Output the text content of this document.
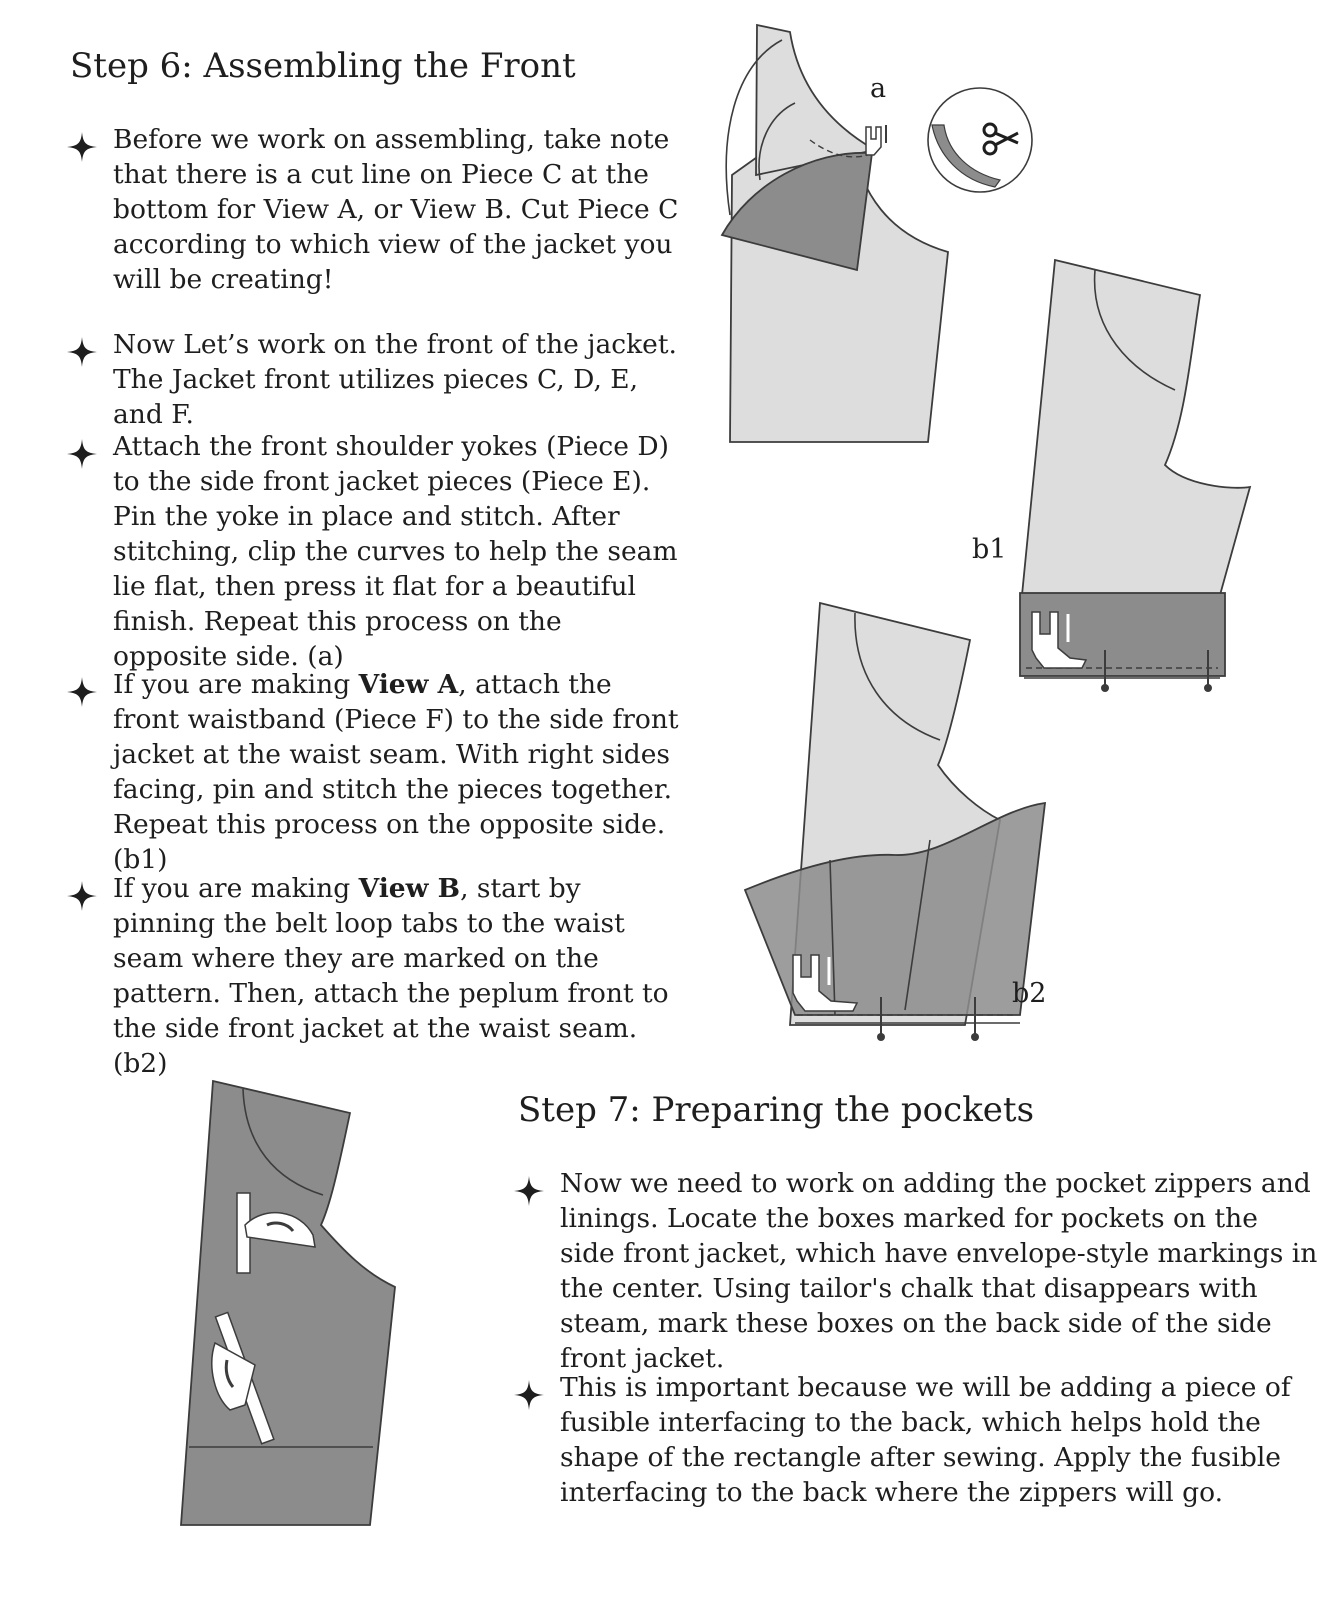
Step 6: Assembling the Front
Before we work on assembling, take note that there is a cut line on Piece C at the bottom for View A, or View B. Cut Piece C according to which view of the jacket you will be creating!
Now Let’s work on the front of the jacket. The Jacket front utilizes pieces C, D, E, and F.
Attach the front shoulder yokes (Piece D) to the side front jacket pieces (Piece E). Pin the yoke in place and stitch. After stitching, clip the curves to help the seam lie flat, then press it flat for a beautiful finish. Repeat this process on the opposite side. (a)
If you are making View A, attach the front waistband (Piece F) to the side front jacket at the waist seam. With right sides facing, pin and stitch the pieces together. Repeat this process on the opposite side. (b1)
If you are making View B, start by pinning the belt loop tabs to the waist seam where they are marked on the pattern. Then, attach the peplum front to the side front jacket at the waist seam. (b2)
Step 7: Preparing the pockets
Now we need to work on adding the pocket zippers and linings. Locate the boxes marked for pockets on the side front jacket, which have envelope-style markings in the center. Using tailor's chalk that disappears with steam, mark these boxes on the back side of the side front jacket.
This is important because we will be adding a piece of fusible interfacing to the back, which helps hold the shape of the rectangle after sewing. Apply the fusible interfacing to the back where the zippers will go.
a
b1
b2
